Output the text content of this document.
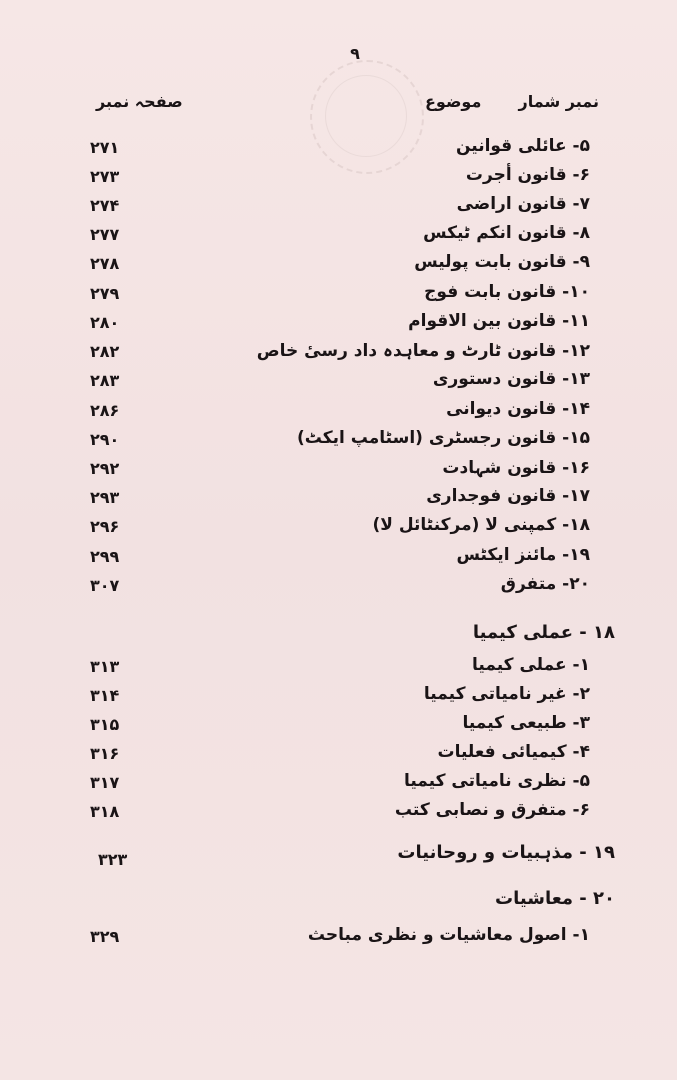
۹
نمبر شمار
موضوع
صفحہ نمبر
۵- عائلی قوانین
۲۷۱
۶- قانون أجرت
۲۷۳
۷- قانون اراضی
۲۷۴
۸- قانون انکم ٹیکس
۲۷۷
۹- قانون بابت پولیس
۲۷۸
۱۰- قانون بابت فوج
۲۷۹
۱۱- قانون بین الاقوام
۲۸۰
۱۲- قانون ٹارٹ و معاہدہ داد رسیٔ خاص
۲۸۲
۱۳- قانون دستوری
۲۸۳
۱۴- قانون دیوانی
۲۸۶
۱۵- قانون رجسٹری (اسٹامپ ایکٹ)
۲۹۰
۱۶- قانون شہادت
۲۹۲
۱۷- قانون فوجداری
۲۹۳
۱۸- کمپنی لا (مرکنٹائل لا)
۲۹۶
۱۹- مائنز ایکٹس
۲۹۹
۲۰- متفرق
۳۰۷
۱۸ - عملی کیمیا
۱- عملی کیمیا
۳۱۳
۲- غیر نامیاتی کیمیا
۳۱۴
۳- طبیعی کیمیا
۳۱۵
۴- کیمیائی فعلیات
۳۱۶
۵- نظری نامیاتی کیمیا
۳۱۷
۶- متفرق و نصابی کتب
۳۱۸
۱۹ - مذہبیات و روحانیات
۳۲۳
۲۰ - معاشیات
۱- اصول معاشیات و نظری مباحث
۳۲۹
